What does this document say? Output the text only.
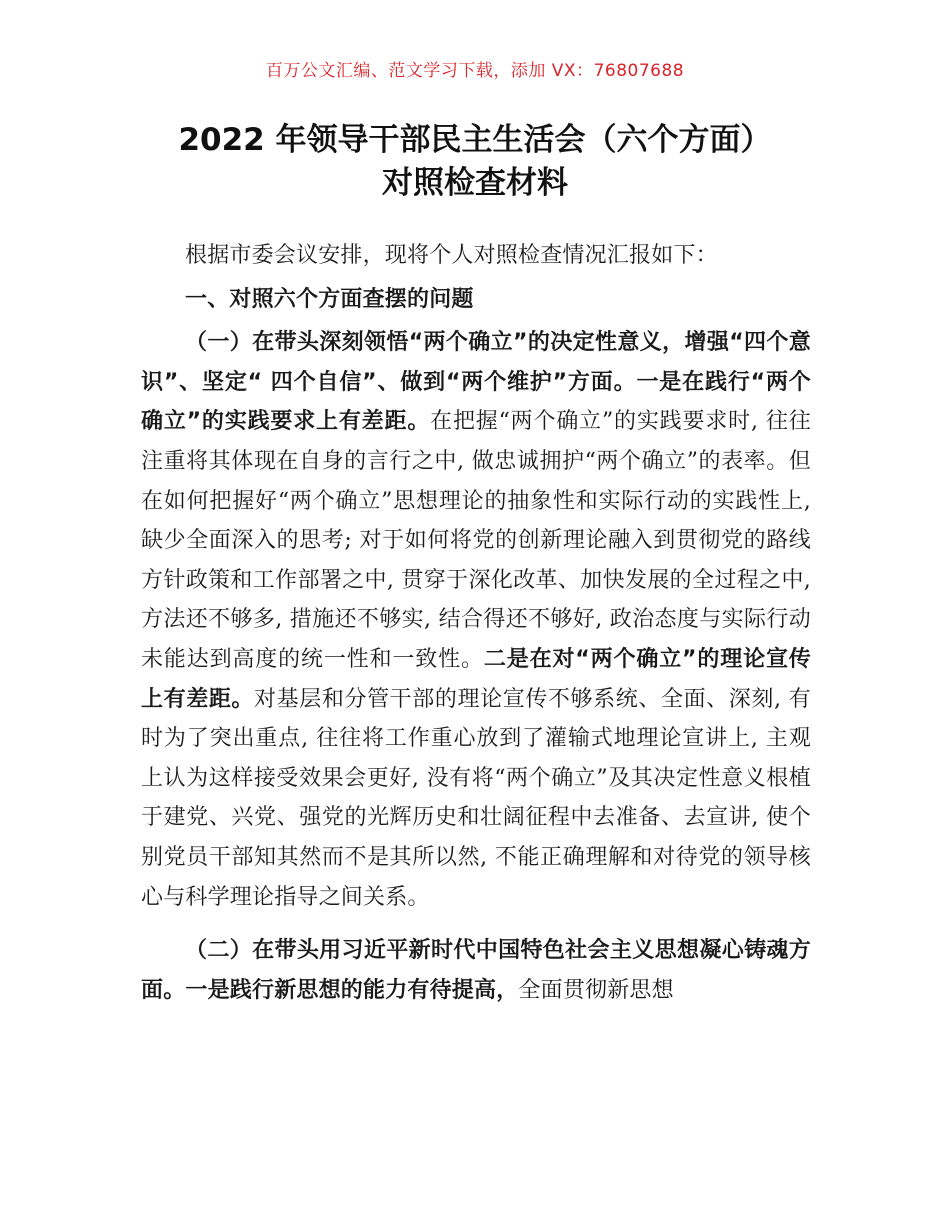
百万公文汇编、范文学习下载，添加 VX：76807688
2022 年领导干部民主生活会（六个方面）
对照检查材料

根据市委会议安排，现将个人对照检查情况汇报如下：

一、对照六个方面查摆的问题

（一）在带头深刻领悟“两个确立”的决定性意义，增强“四个意识”、坚定“ 四个自信”、做到“两个维护”方面。一是在践行“两个确立”的实践要求上有差距。在把握“两个确立”的实践要求时, 往往注重将其体现在自身的言行之中, 做忠诚拥护“两个确立”的表率。但在如何把握好“两个确立”思想理论的抽象性和实际行动的实践性上, 缺少全面深入的思考; 对于如何将党的创新理论融入到贯彻党的路线方针政策和工作部署之中, 贯穿于深化改革、加快发展的全过程之中, 方法还不够多, 措施还不够实, 结合得还不够好, 政治态度与实际行动未能达到高度的统一性和一致性。二是在对“两个确立”的理论宣传上有差距。对基层和分管干部的理论宣传不够系统、全面、深刻, 有时为了突出重点, 往往将工作重心放到了灌输式地理论宣讲上, 主观上认为这样接受效果会更好, 没有将“两个确立”及其决定性意义根植于建党、兴党、强党的光辉历史和壮阔征程中去准备、去宣讲, 使个别党员干部知其然而不是其所以然, 不能正确理解和对待党的领导核心与科学理论指导之间关系。

（二）在带头用习近平新时代中国特色社会主义思想凝心铸魂方面。一是践行新思想的能力有待提高，全面贯彻新思想
